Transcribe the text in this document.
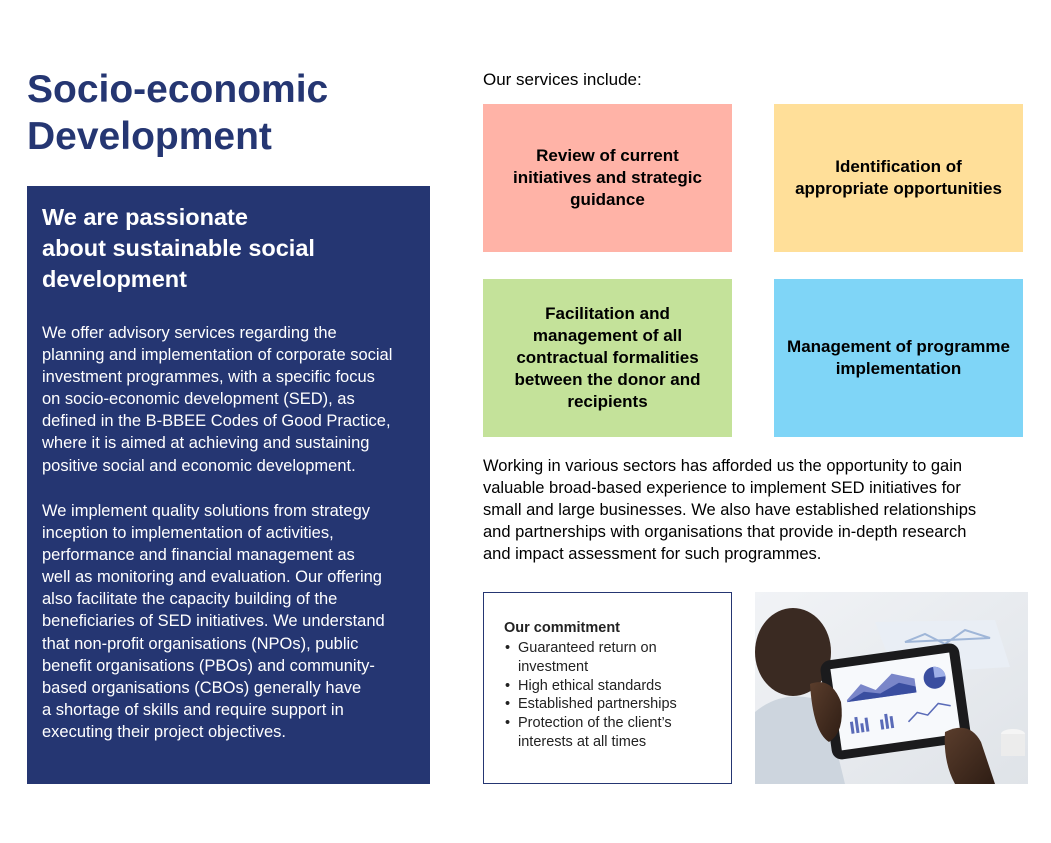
Socio-economic
Development
We are passionate
about sustainable social
development

We offer advisory services regarding the
planning and implementation of corporate social
investment programmes, with a specific focus
on socio-economic development (SED), as
defined in the B-BBEE Codes of Good Practice,
where it is aimed at achieving and sustaining
positive social and economic development.

We implement quality solutions from strategy
inception to implementation of activities,
performance and financial management as
well as monitoring and evaluation. Our offering
also facilitate the capacity building of the
beneficiaries of SED initiatives. We understand
that non-profit organisations (NPOs), public
benefit organisations (PBOs) and community-
based organisations (CBOs) generally have
a shortage of skills and require support in
executing their project objectives.

Our services include:

Review of current
initiatives and strategic
guidance
Identification of
appropriate opportunities
Facilitation and
management of all
contractual formalities
between the donor and
recipients
Management of programme
implementation

Working in various sectors has afforded us the opportunity to gain
valuable broad-based experience to implement SED initiatives for
small and large businesses. We also have established relationships
and partnerships with organisations that provide in-depth research
and impact assessment for such programmes.

Our commitment
• Guaranteed return on investment
• High ethical standards
• Established partnerships
• Protection of the client’s interests at all times
